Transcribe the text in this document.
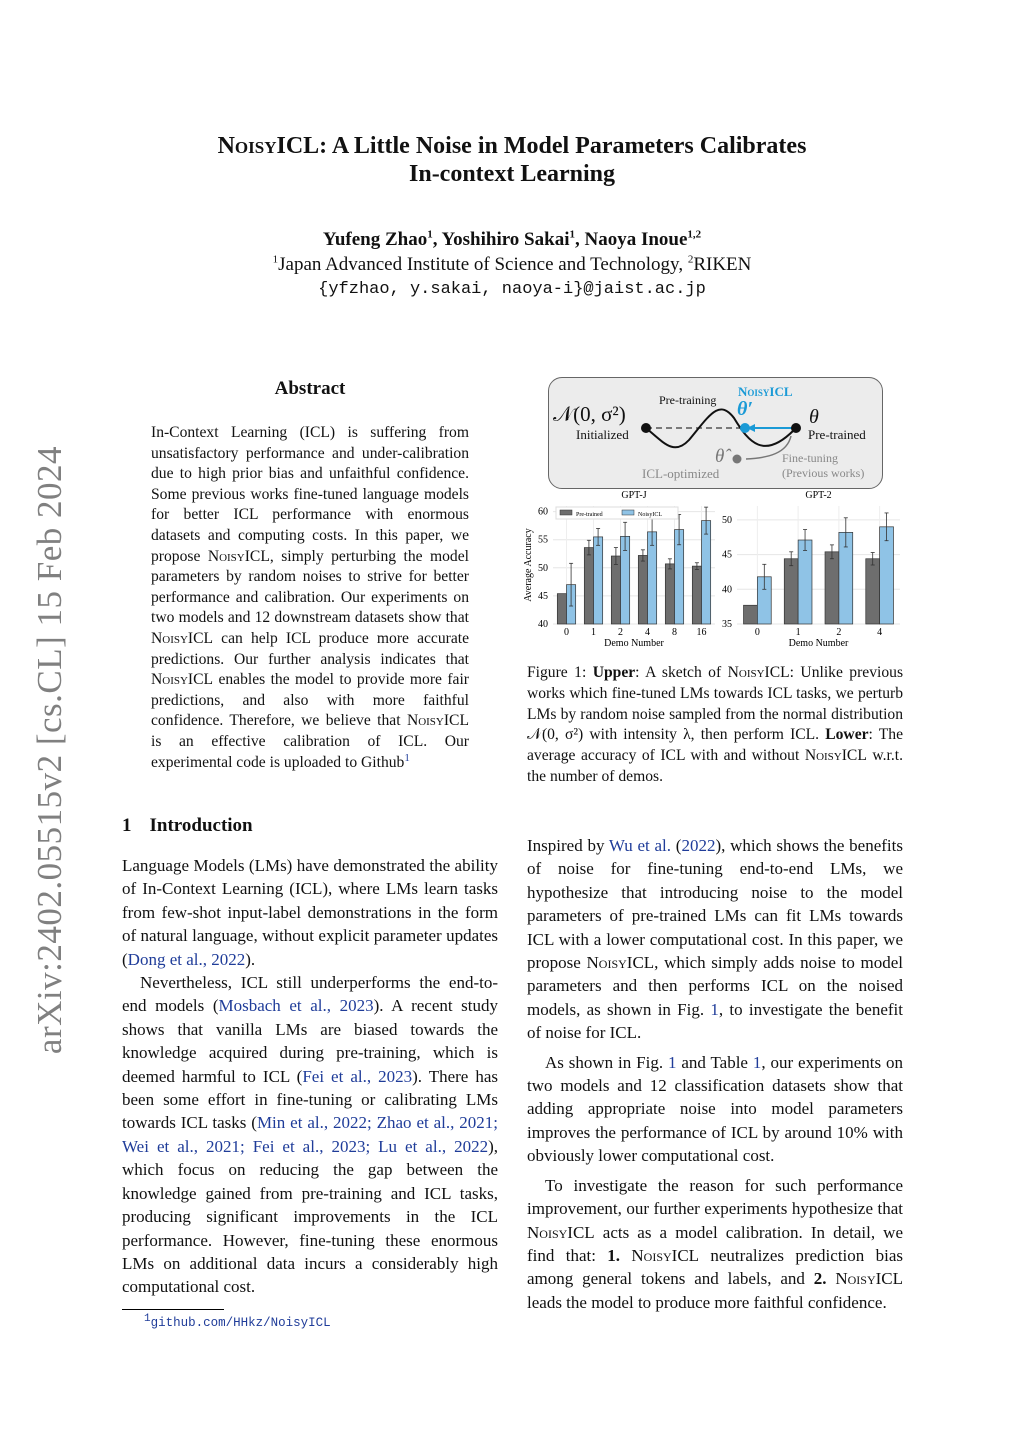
arXiv:2402.05515v2 [cs.CL] 15 Feb 2024
NoisyICL: A Little Noise in Model Parameters Calibrates
In-context Learning
Yufeng Zhao$^1$, Yoshihiro Sakai$^1$, Naoya Inoue$^{1,2}$
$^1$Japan Advanced Institute of Science and Technology, $^2$RIKEN
{yfzhao, y.sakai, naoya-i}@jaist.ac.jp
Abstract
In-Context Learning (ICL) is suffering from unsatisfactory performance and under-calibration due to high prior bias and unfaithful confidence. Some previous works fine-tuned language models for better ICL performance with enormous datasets and computing costs. In this paper, we propose NoisyICL, simply perturbing the model parameters by random noises to strive for better performance and calibration. Our experiments on two models and 12 downstream datasets show that NoisyICL can help ICL produce more accurate predictions. Our further analysis indicates that NoisyICL enables the model to provide more fair predictions, and also with more faithful confidence. Therefore, we believe that NoisyICL is an effective calibration of ICL. Our experimental code is uploaded to Github$^1$
1 Introduction

Language Models (LMs) have demonstrated the ability of In-Context Learning (ICL), where LMs learn tasks from few-shot input-label demonstrations in the form of natural language, without explicit parameter updates (Dong et al., 2022).

Nevertheless, ICL still underperforms the end-to-end models (Mosbach et al., 2023). A recent study shows that vanilla LMs are biased towards the knowledge acquired during pre-training, which is deemed harmful to ICL (Fei et al., 2023). There has been some effort in fine-tuning or calibrating LMs towards ICL tasks (Min et al., 2022; Zhao et al., 2021; Wei et al., 2021; Fei et al., 2023; Lu et al., 2022), which focus on reducing the gap between the knowledge gained from pre-training and ICL tasks, producing significant improvements in the ICL performance. However, fine-tuning these enormous LMs on additional data incurs a considerably high computational cost.

$^1$github.com/HHkz/NoisyICL
𝒩(0, σ²)
Initialized
Pre-training
NoisyICL
θ′	θ
Pre-trained
θ̂
ICL-optimized
Fine-tuning
(Previous works)
GPT-J
40
45
50
55
60
0 1 2 4 8 16
Demo Number
Average Accuracy
Pre-trained	NoisyICL
GPT-2
35
40
45
50
0	1	2	4
Demo Number
Figure 1: Upper: A sketch of NoisyICL: Unlike previous works which fine-tuned LMs towards ICL tasks, we perturb LMs by random noise sampled from the normal distribution 𝒩(0, σ²) with intensity λ, then perform ICL. Lower: The average accuracy of ICL with and without NoisyICL w.r.t. the number of demos.

Inspired by Wu et al. (2022), which shows the benefits of noise for fine-tuning end-to-end LMs, we hypothesize that introducing noise to the model parameters of pre-trained LMs can fit LMs towards ICL with a lower computational cost. In this paper, we propose NoisyICL, which simply adds noise to model parameters and then performs ICL on the noised models, as shown in Fig. 1, to investigate the benefit of noise for ICL.

As shown in Fig. 1 and Table 1, our experiments on two models and 12 classification datasets show that adding appropriate noise into model parameters improves the performance of ICL by around 10% with obviously lower computational cost.

To investigate the reason for such performance improvement, our further experiments hypothesize that NoisyICL acts as a model calibration. In detail, we find that: 1. NoisyICL neutralizes prediction bias among general tokens and labels, and 2. NoisyICL leads the model to produce more faithful confidence.
